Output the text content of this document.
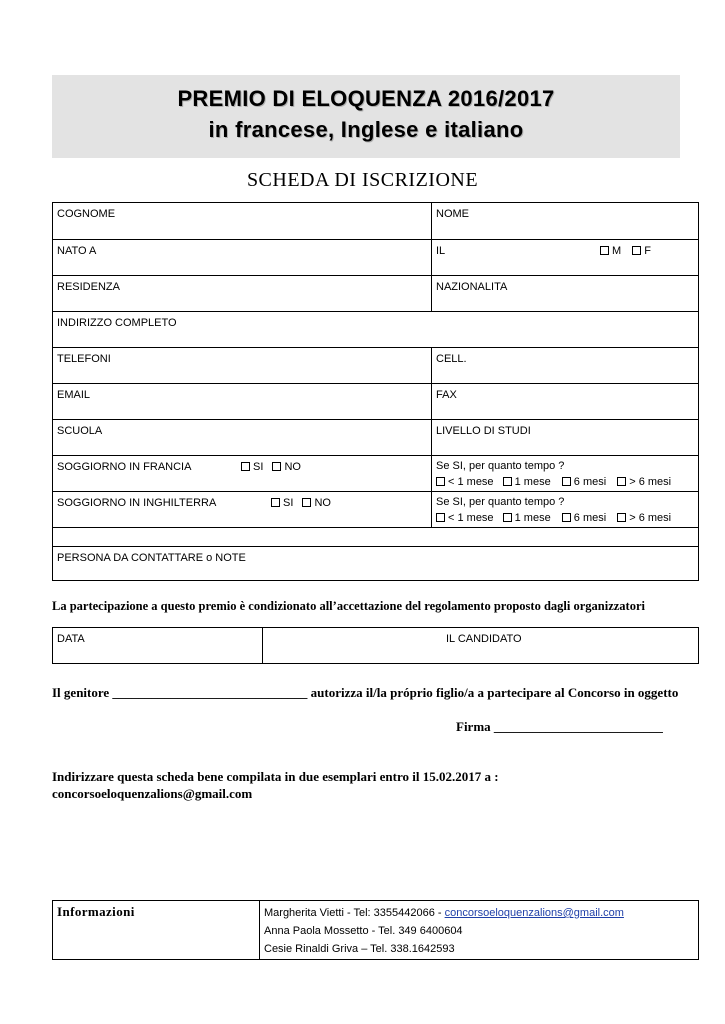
PREMIO DI ELOQUENZA 2016/2017
in francese, Inglese e italiano
SCHEDA DI ISCRIZIONE
COGNOME	NOME
NATO A	IL	M F
RESIDENZA	NAZIONALITA
INDIRIZZO COMPLETO
TELEFONI	CELL.
EMAIL	FAX
SCUOLA	LIVELLO DI STUDI
SOGGIORNO IN FRANCIA	SI NO	Se SI, per quanto tempo ?
< 1 mese 1 mese 6 mesi > 6 mesi
SOGGIORNO IN INGHILTERRA	SI NO	Se SI, per quanto tempo ?
< 1 mese 1 mese 6 mesi > 6 mesi
PERSONA DA CONTATTARE o NOTE
La partecipazione a questo premio è condizionato all’accettazione del regolamento proposto dagli organizzatori
DATA	IL CANDIDATO
Il genitore ______________________________ autorizza il/la próprio figlio/a a partecipare al Concorso in oggetto
Firma __________________________
Indirizzare questa scheda bene compilata in due esemplari entro il 15.02.2017 a :
concorsoeloquenzalions@gmail.com
Informazioni	Margherita Vietti - Tel: 3355442066 - concorsoeloquenzalions@gmail.com
Anna Paola Mossetto - Tel. 349 6400604
Cesie Rinaldi Griva – Tel. 338.1642593
